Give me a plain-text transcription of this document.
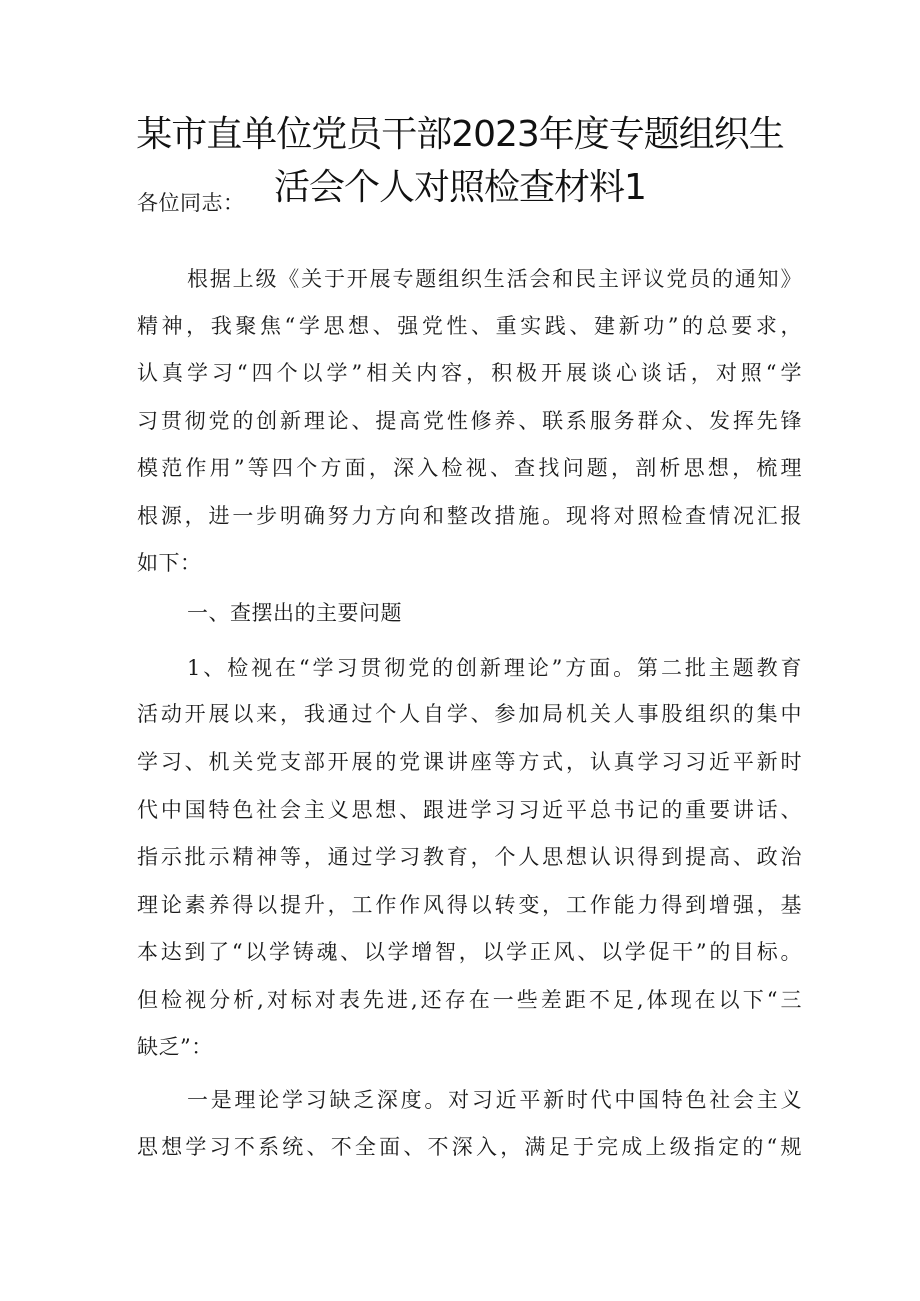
某市直单位党员干部2023年度专题组织生
活会个人对照检查材料1
各位同志：
根据上级《关于开展专题组织生活会和民主评议党员的通知》
精神，我聚焦“学思想、强党性、重实践、建新功”的总要求，
认真学习“四个以学”相关内容，积极开展谈心谈话，对照“学
习贯彻党的创新理论、提高党性修养、联系服务群众、发挥先锋
模范作用”等四个方面，深入检视、查找问题，剖析思想，梳理
根源，进一步明确努力方向和整改措施。现将对照检查情况汇报
如下：
一、查摆出的主要问题
1、检视在“学习贯彻党的创新理论”方面。第二批主题教育
活动开展以来，我通过个人自学、参加局机关人事股组织的集中
学习、机关党支部开展的党课讲座等方式，认真学习习近平新时
代中国特色社会主义思想、跟进学习习近平总书记的重要讲话、
指示批示精神等，通过学习教育，个人思想认识得到提高、政治
理论素养得以提升，工作作风得以转变，工作能力得到增强，基
本达到了“以学铸魂、以学增智，以学正风、以学促干”的目标。
但检视分析,对标对表先进,还存在一些差距不足,体现在以下“三
缺乏”：
一是理论学习缺乏深度。对习近平新时代中国特色社会主义
思想学习不系统、不全面、不深入，满足于完成上级指定的“规
